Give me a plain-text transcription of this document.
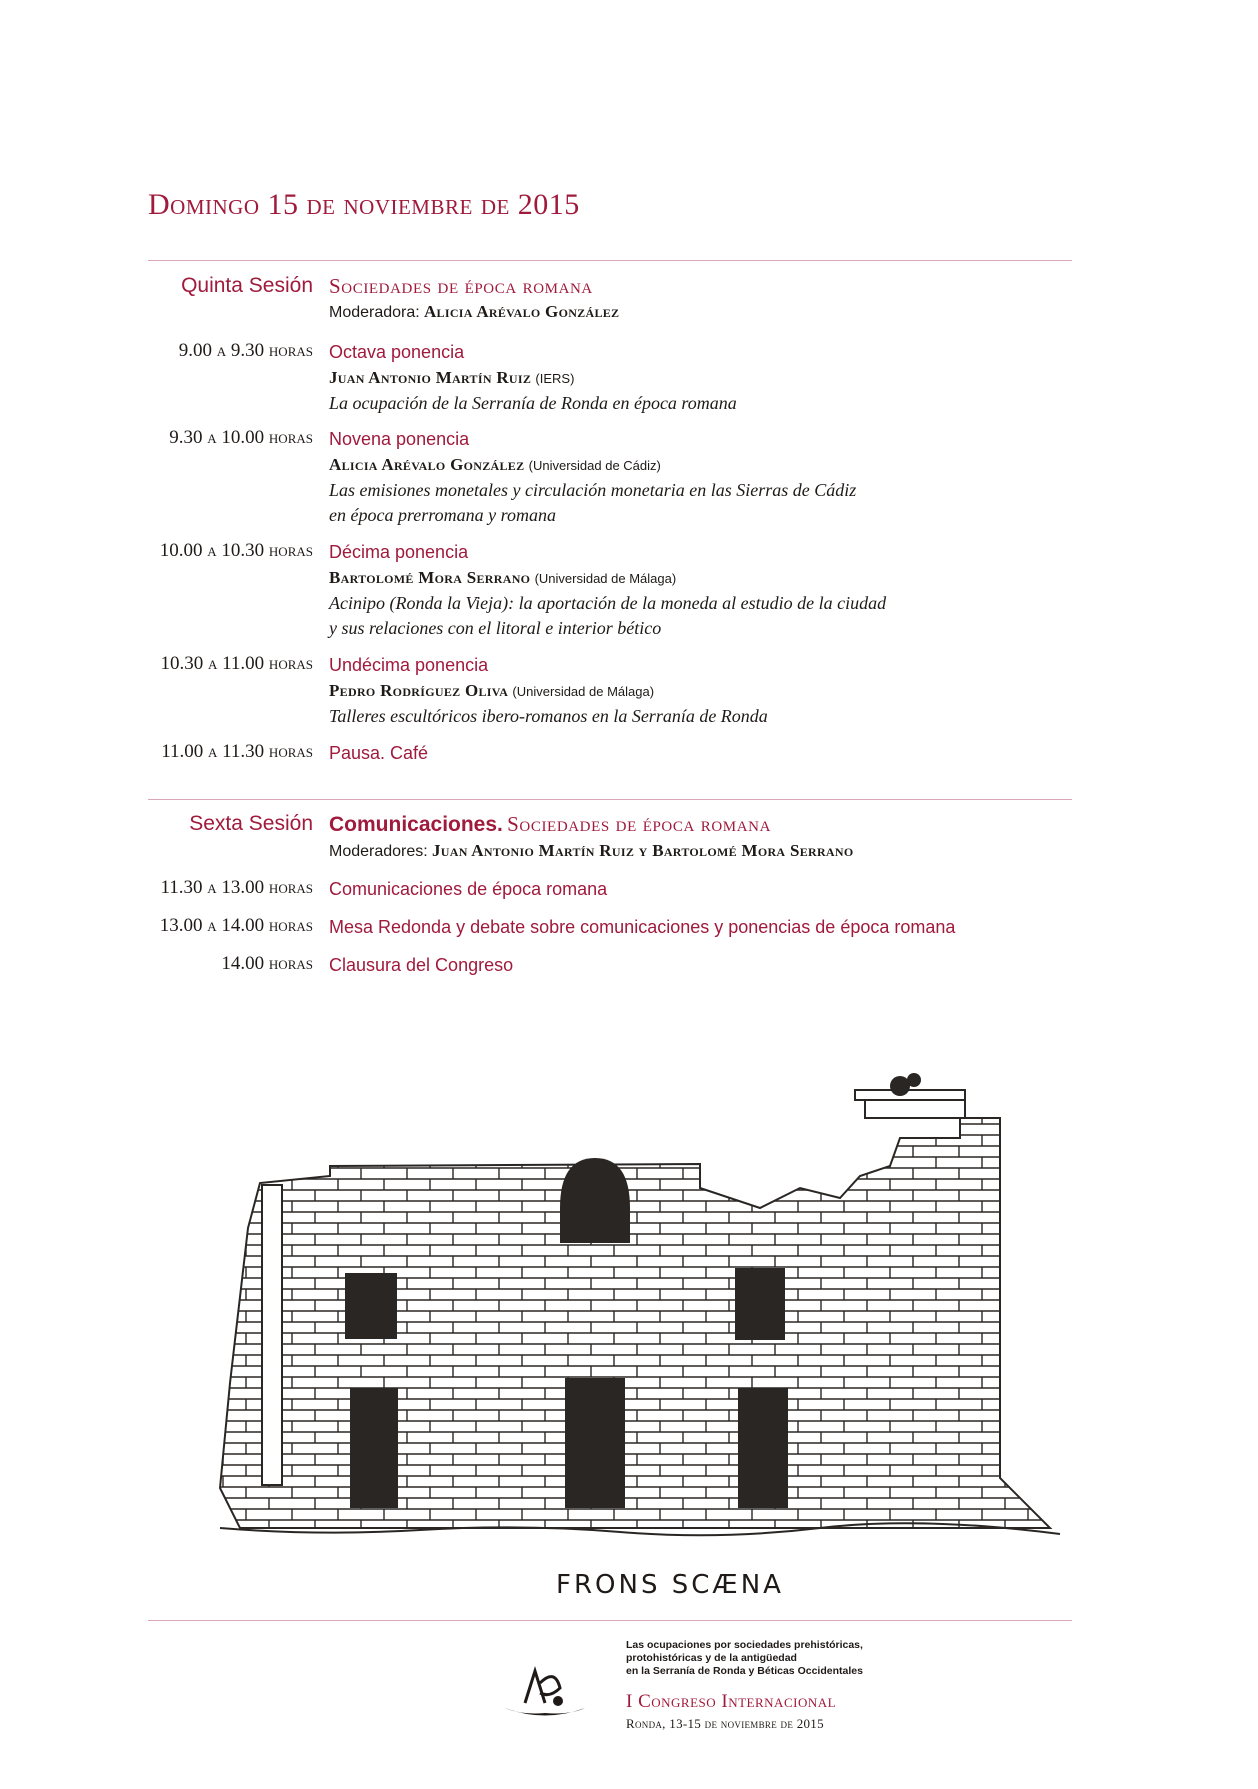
Domingo 15 de noviembre de 2015
Quinta Sesión Sociedades de época romana
Moderadora: Alicia Arévalo González
9.00 a 9.30 horas Octava ponencia
Juan Antonio Martín Ruiz (IERS)
La ocupación de la Serranía de Ronda en época romana
9.30 a 10.00 horas Novena ponencia
Alicia Arévalo González (Universidad de Cádiz)
Las emisiones monetales y circulación monetaria en las Sierras de Cádiz
en época prerromana y romana
10.00 a 10.30 horas Décima ponencia
Bartolomé Mora Serrano (Universidad de Málaga)
Acinipo (Ronda la Vieja): la aportación de la moneda al estudio de la ciudad
y sus relaciones con el litoral e interior bético
10.30 a 11.00 horas Undécima ponencia
Pedro Rodríguez Oliva (Universidad de Málaga)
Talleres escultóricos ibero-romanos en la Serranía de Ronda
11.00 a 11.30 horas Pausa. Café
Sexta Sesión Comunicaciones. Sociedades de época romana
Moderadores: Juan Antonio Martín Ruiz y Bartolomé Mora Serrano
11.30 a 13.00 horas Comunicaciones de época romana
13.00 a 14.00 horas Mesa Redonda y debate sobre comunicaciones y ponencias de época romana
14.00 horas Clausura del Congreso
FRONS SCÆNA
Las ocupaciones por sociedades prehistóricas,
protohistóricas y de la antigüedad
en la Serranía de Ronda y Béticas Occidentales
I Congreso Internacional
Ronda, 13-15 de noviembre de 2015
